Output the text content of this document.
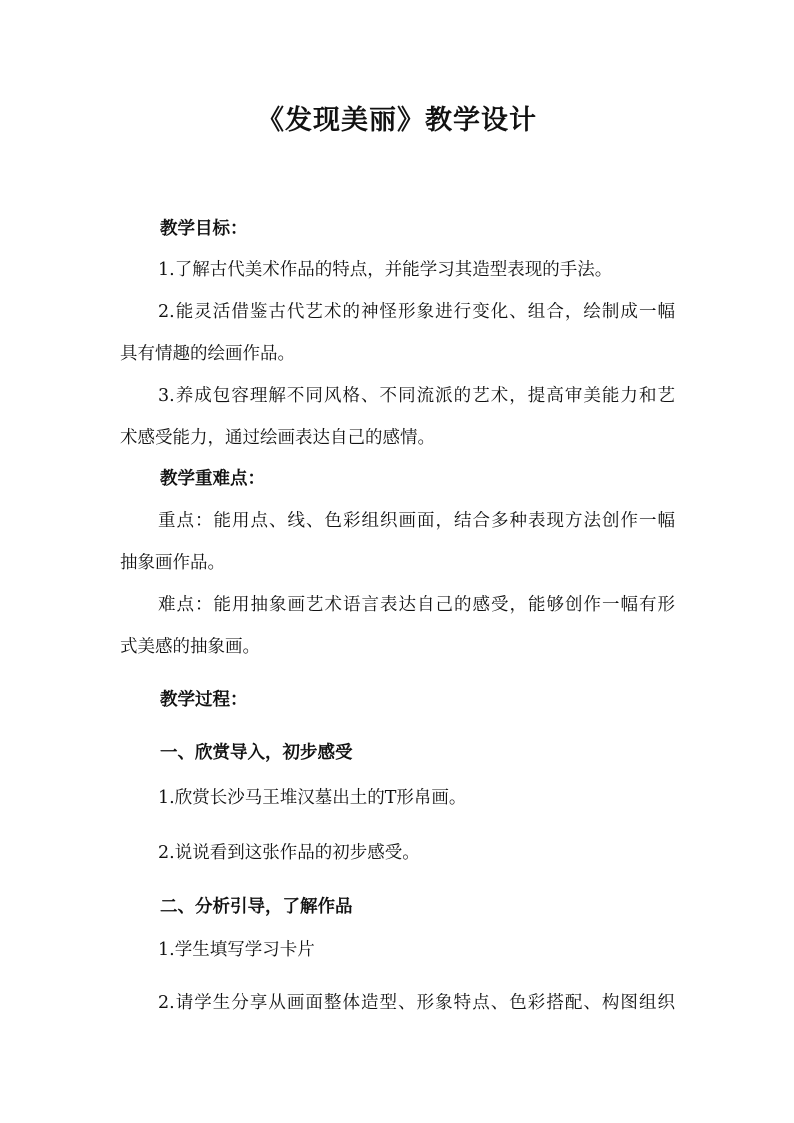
《发现美丽》教学设计
教学目标：
1.了解古代美术作品的特点，并能学习其造型表现的手法。
2.能灵活借鉴古代艺术的神怪形象进行变化、组合，绘制成一幅
具有情趣的绘画作品。
3.养成包容理解不同风格、不同流派的艺术，提高审美能力和艺
术感受能力，通过绘画表达自己的感情。
教学重难点：
重点：能用点、线、色彩组织画面，结合多种表现方法创作一幅
抽象画作品。
难点：能用抽象画艺术语言表达自己的感受，能够创作一幅有形
式美感的抽象画。
教学过程：
一、欣赏导入，初步感受
1.欣赏长沙马王堆汉墓出土的T形帛画。
2.说说看到这张作品的初步感受。
二、分析引导，了解作品
1.学生填写学习卡片
2.请学生分享从画面整体造型、形象特点、色彩搭配、构图组织
